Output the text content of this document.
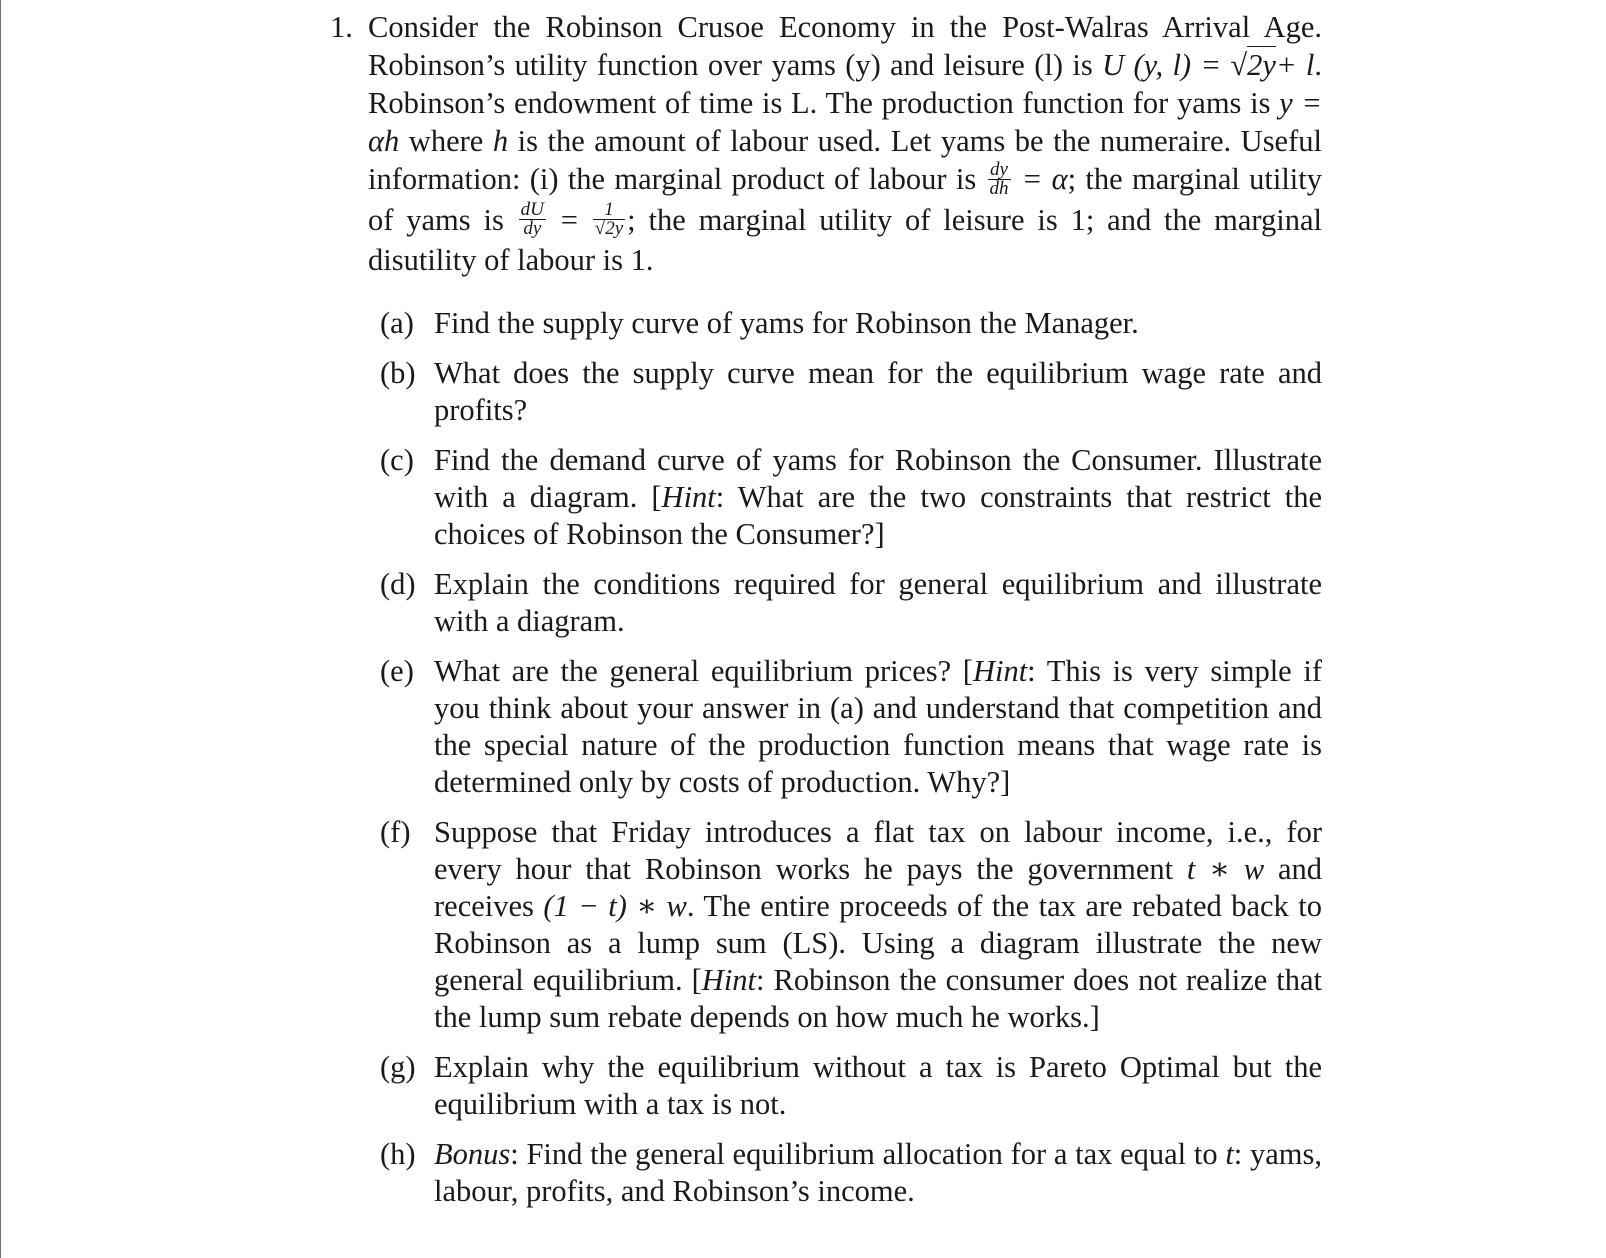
1. Consider the Robinson Crusoe Economy in the Post-Walras Arrival Age. Robinson’s utility function over yams (y) and leisure (l) is U (y, l) = √2y+ l. Robinson’s endowment of time is L. The production function for yams is y = αh where h is the amount of labour used. Let yams be the numeraire. Useful information: (i) the marginal product of labour is $\frac{dy}{dh} = \alpha$; the marginal utility of yams is $\frac{dU}{dy} = \frac{1}{√2y}$ ; the marginal utility of leisure is 1; and the marginal disutility of labour is 1.
(a) Find the supply curve of yams for Robinson the Manager.
(b) What does the supply curve mean for the equilibrium wage rate and profits?
(c) Find the demand curve of yams for Robinson the Consumer. Illustrate with a diagram. [Hint: What are the two constraints that restrict the choices of Robinson the Consumer?]
(d) Explain the conditions required for general equilibrium and illustrate with a diagram.
(e) What are the general equilibrium prices? [Hint: This is very simple if you think about your answer in (a) and understand that competition and the special nature of the production function means that wage rate is determined only by costs of production. Why?]
(f) Suppose that Friday introduces a flat tax on labour income, i.e., for every hour that Robinson works he pays the government t ∗ w and receives (1 − t) ∗ w. The entire proceeds of the tax are rebated back to Robinson as a lump sum (LS). Using a diagram illustrate the new general equilibrium. [Hint: Robinson the consumer does not realize that the lump sum rebate depends on how much he works.]
(g) Explain why the equilibrium without a tax is Pareto Optimal but the equilibrium with a tax is not.
(h) Bonus: Find the general equilibrium allocation for a tax equal to t: yams, labour, profits, and Robinson’s income.
